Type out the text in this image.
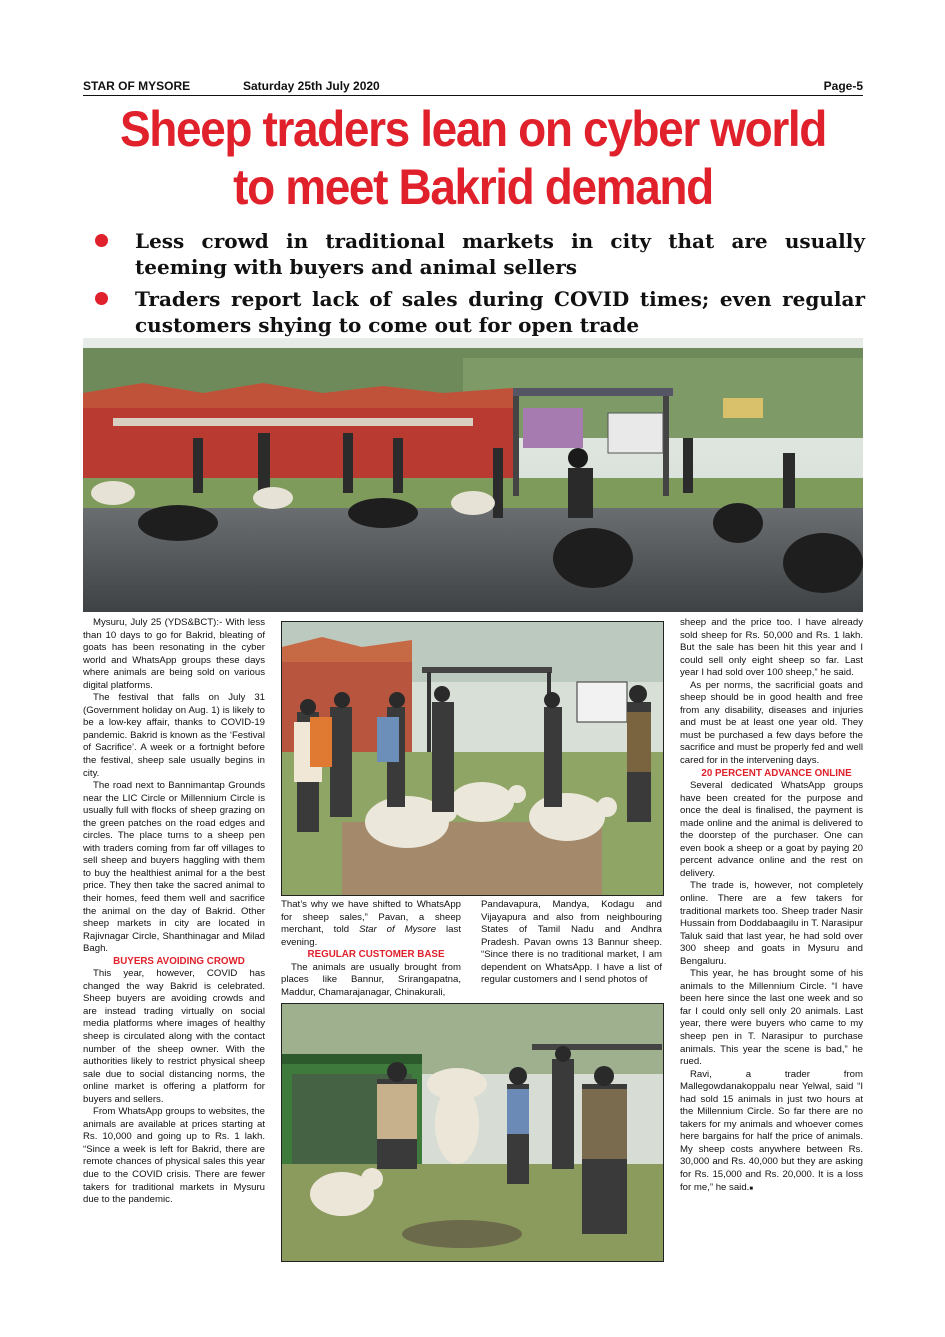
STAR OF MYSORE	Saturday 25th July 2020	Page-5
Sheep traders lean on cyber world
to meet Bakrid demand
Less crowd in traditional markets in city that are usually teeming with buyers and animal sellers
Traders report lack of sales during COVID times; even regular customers shying to come out for open trade

Mysuru, July 25 (YDS&BCT):- With less than 10 days to go for Bakrid, bleating of goats has been resonating in the cyber world and WhatsApp groups these days where animals are being sold on various digital platforms.

The festival that falls on July 31 (Government holiday on Aug. 1) is likely to be a low-key affair, thanks to COVID-19 pandemic. Bakrid is known as the ‘Festival of Sacrifice’. A week or a fortnight before the festival, sheep sale usually begins in city.

The road next to Bannimantap Grounds near the LIC Circle or Millennium Circle is usually full with flocks of sheep grazing on the green patches on the road edges and circles. The place turns to a sheep pen with traders coming from far off villages to sell sheep and buyers haggling with them to buy the healthiest animal for a the best price. They then take the sacred animal to their homes, feed them well and sacrifice the animal on the day of Bakrid. Other sheep markets in city are located in Rajivnagar Circle, Shanthinagar and Milad Bagh.

BUYERS AVOIDING CROWD

This year, however, COVID has changed the way Bakrid is celebrated. Sheep buyers are avoiding crowds and are instead trading virtually on social media platforms where images of healthy sheep is circulated along with the contact number of the sheep owner. With the authorities likely to restrict physical sheep sale due to social distancing norms, the online market is offering a platform for buyers and sellers.

From WhatsApp groups to websites, the animals are available at prices starting at Rs. 10,000 and going up to Rs. 1 lakh. “Since a week is left for Bakrid, there are remote chances of physical sales this year due to the COVID crisis. There are fewer takers for traditional markets in Mysuru due to the pandemic.

That’s why we have shifted to WhatsApp for sheep sales,” Pavan, a sheep merchant, told Star of Mysore last evening.

REGULAR CUSTOMER BASE

The animals are usually brought from places like Bannur, Srirangapatna, Maddur, Chamarajanagar, Chinakurali,

Pandavapura, Mandya, Kodagu and Vijayapura and also from neighbouring States of Tamil Nadu and Andhra Pradesh. Pavan owns 13 Bannur sheep. “Since there is no traditional market, I am dependent on WhatsApp. I have a list of regular customers and I send photos of

sheep and the price too. I have already sold sheep for Rs. 50,000 and Rs. 1 lakh. But the sale has been hit this year and I could sell only eight sheep so far. Last year I had sold over 100 sheep,” he said.

As per norms, the sacrificial goats and sheep should be in good health and free from any disability, diseases and injuries and must be at least one year old. They must be purchased a few days before the sacrifice and must be properly fed and well cared for in the intervening days.

20 PERCENT ADVANCE ONLINE

Several dedicated WhatsApp groups have been created for the purpose and once the deal is finalised, the payment is made online and the animal is delivered to the doorstep of the purchaser. One can even book a sheep or a goat by paying 20 percent advance online and the rest on delivery.

The trade is, however, not completely online. There are a few takers for traditional markets too. Sheep trader Nasir Hussain from Doddabaagilu in T. Narasipur Taluk said that last year, he had sold over 300 sheep and goats in Mysuru and Bengaluru.

This year, he has brought some of his animals to the Millennium Circle. “I have been here since the last one week and so far I could only sell only 20 animals. Last year, there were buyers who came to my sheep pen in T. Narasipur to purchase animals. This year the scene is bad,” he rued.

Ravi, a trader from Mallegowdanakoppalu near Yelwal, said “I had sold 15 animals in just two hours at the Millennium Circle. So far there are no takers for my animals and whoever comes here bargains for half the price of animals. My sheep costs anywhere between Rs. 30,000 and Rs. 40,000 but they are asking for Rs. 15,000 and Rs. 20,000. It is a loss for me,” he said.■
